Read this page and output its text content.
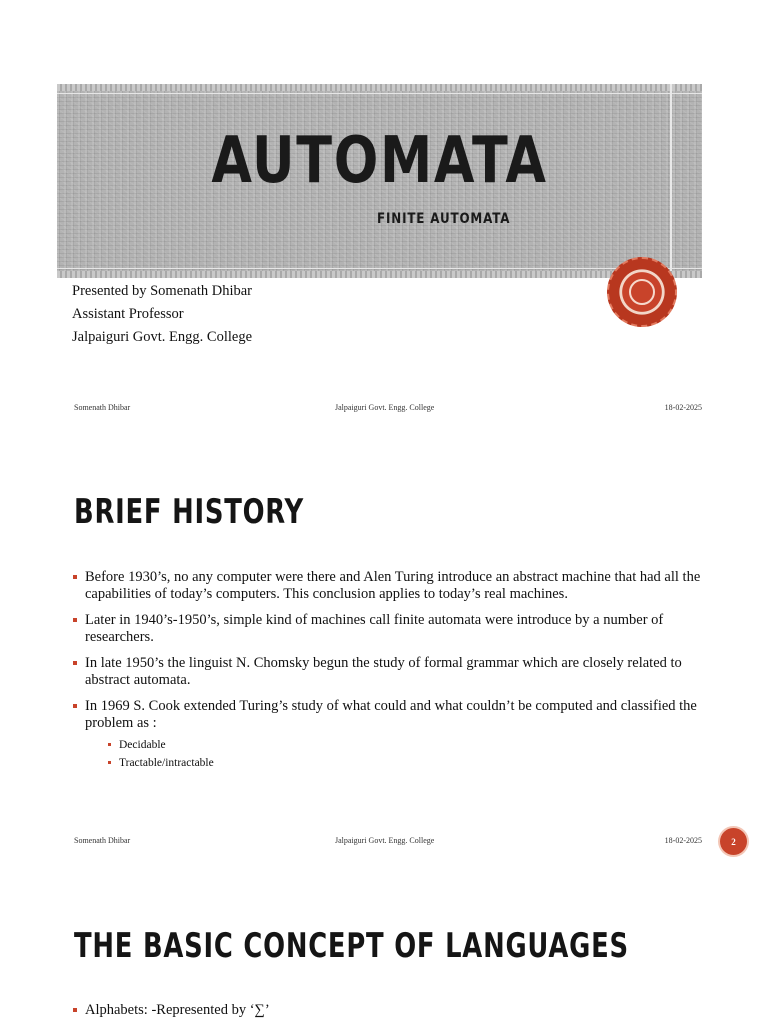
AUTOMATA
FINITE AUTOMATA
Presented by Somenath Dhibar
Assistant Professor
Jalpaiguri Govt. Engg. College
Somenath Dhibar	Jalpaiguri Govt. Engg. College	18-02-2025
BRIEF HISTORY
Before 1930’s, no any computer were there and Alen Turing introduce an abstract machine that had all the capabilities of today’s computers. This conclusion applies to today’s real machines.
Later in 1940’s-1950’s, simple kind of machines call finite automata were introduce by a number of researchers.
In late 1950’s the linguist N. Chomsky begun the study of formal grammar which are closely related to abstract automata.
In 1969 S. Cook extended Turing’s study of what could and what couldn’t be computed and classified the problem as :
Decidable
Tractable/intractable
Somenath Dhibar	Jalpaiguri Govt. Engg. College	18-02-2025	2
THE BASIC CONCEPT OF LANGUAGES
Alphabets: -Represented by ‘∑’
